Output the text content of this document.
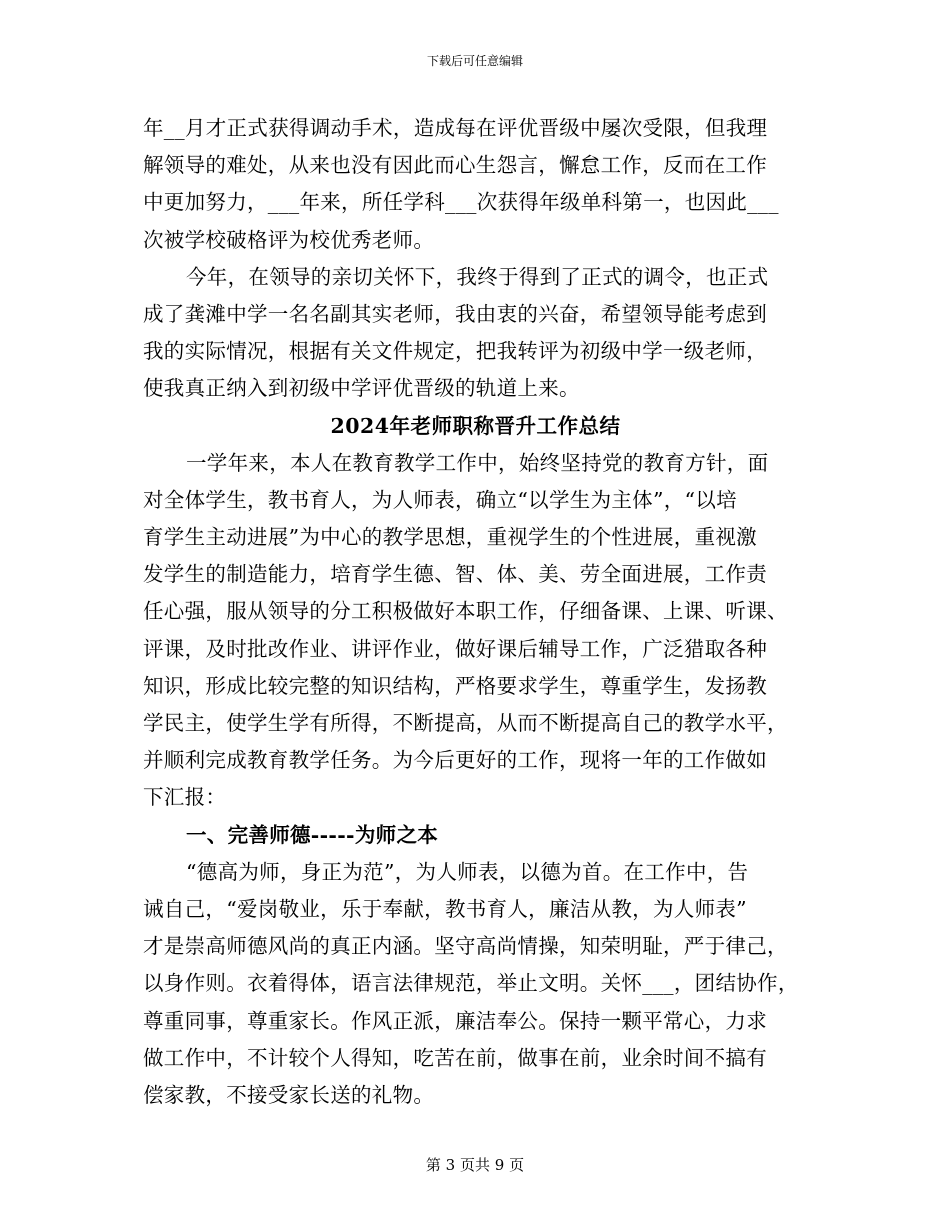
下载后可任意编辑
年__月才正式获得调动手术，造成每在评优晋级中屡次受限，但我理
解领导的难处，从来也没有因此而心生怨言，懈怠工作，反而在工作
中更加努力，___年来，所任学科___次获得年级单科第一，也因此___
次被学校破格评为校优秀老师。
今年，在领导的亲切关怀下，我终于得到了正式的调令，也正式
成了龚滩中学一名名副其实老师，我由衷的兴奋，希望领导能考虑到
我的实际情况，根据有关文件规定，把我转评为初级中学一级老师，
使我真正纳入到初级中学评优晋级的轨道上来。
2024年老师职称晋升工作总结
一学年来，本人在教育教学工作中，始终坚持党的教育方针，面
对全体学生，教书育人，为人师表，确立“以学生为主体”，“以培
育学生主动进展”为中心的教学思想，重视学生的个性进展，重视激
发学生的制造能力，培育学生德、智、体、美、劳全面进展，工作责
任心强，服从领导的分工积极做好本职工作，仔细备课、上课、听课、
评课，及时批改作业、讲评作业，做好课后辅导工作，广泛猎取各种
知识，形成比较完整的知识结构，严格要求学生，尊重学生，发扬教
学民主，使学生学有所得，不断提高，从而不断提高自己的教学水平，
并顺利完成教育教学任务。为今后更好的工作，现将一年的工作做如
下汇报：
一、完善师德-----为师之本
“德高为师，身正为范”，为人师表，以德为首。在工作中，告
诫自己，“爱岗敬业，乐于奉献，教书育人，廉洁从教，为人师表”
才是崇高师德风尚的真正内涵。坚守高尚情操，知荣明耻，严于律己，
以身作则。衣着得体，语言法律规范，举止文明。关怀___，团结协作，
尊重同事，尊重家长。作风正派，廉洁奉公。保持一颗平常心，力求
做工作中，不计较个人得知，吃苦在前，做事在前，业余时间不搞有
偿家教，不接受家长送的礼物。
第 3 页共 9 页
